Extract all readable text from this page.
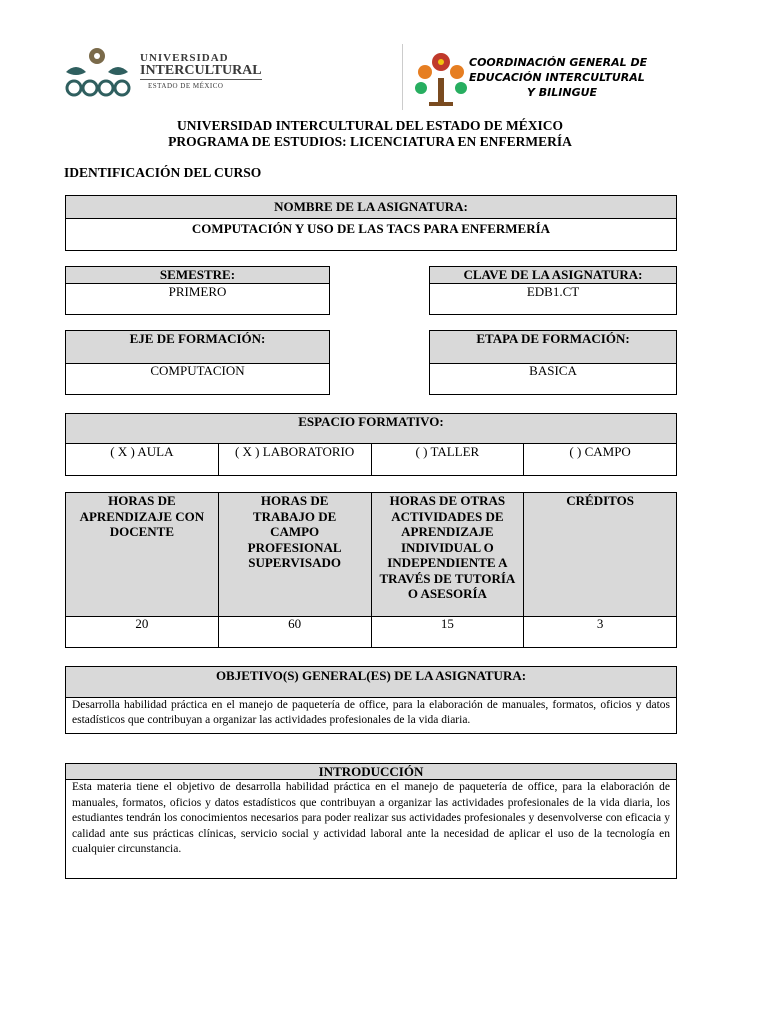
UNIVERSIDAD
INTERCULTURAL
ESTADO DE MÉXICO
COORDINACIÓN GENERAL DE
EDUCACIÓN INTERCULTURAL
Y BILINGUE
UNIVERSIDAD INTERCULTURAL DEL ESTADO DE MÉXICO
PROGRAMA DE ESTUDIOS: LICENCIATURA EN ENFERMERÍA
IDENTIFICACIÓN DEL CURSO
NOMBRE DE LA ASIGNATURA:
COMPUTACIÓN Y USO DE LAS TACS PARA ENFERMERÍA
SEMESTRE:
PRIMERO
CLAVE DE LA ASIGNATURA:
EDB1.CT
EJE DE FORMACIÓN:
COMPUTACION
ETAPA DE FORMACIÓN:
BASICA
ESPACIO FORMATIVO:
( X ) AULA	( X ) LABORATORIO	( ) TALLER	( ) CAMPO
HORAS DE APRENDIZAJE CON DOCENTE	HORAS DE TRABAJO DE CAMPO PROFESIONAL SUPERVISADO	HORAS DE OTRAS ACTIVIDADES DE APRENDIZAJE INDIVIDUAL O INDEPENDIENTE A TRAVÉS DE TUTORÍA O ASESORÍA	CRÉDITOS
20	60	15	3
OBJETIVO(S) GENERAL(ES) DE LA ASIGNATURA:
Desarrolla habilidad práctica en el manejo de paquetería de office, para la elaboración de manuales, formatos, oficios y datos estadísticos que contribuyan a organizar las actividades profesionales de la vida diaria.
INTRODUCCIÓN
Esta materia tiene el objetivo de desarrolla habilidad práctica en el manejo de paquetería de office, para la elaboración de manuales, formatos, oficios y datos estadísticos que contribuyan a organizar las actividades profesionales de la vida diaria, los estudiantes tendrán los conocimientos necesarios para poder realizar sus actividades profesionales y desenvolverse con eficacia y calidad ante sus prácticas clínicas, servicio social y actividad laboral ante la necesidad de aplicar el uso de la tecnología en cualquier circunstancia.
